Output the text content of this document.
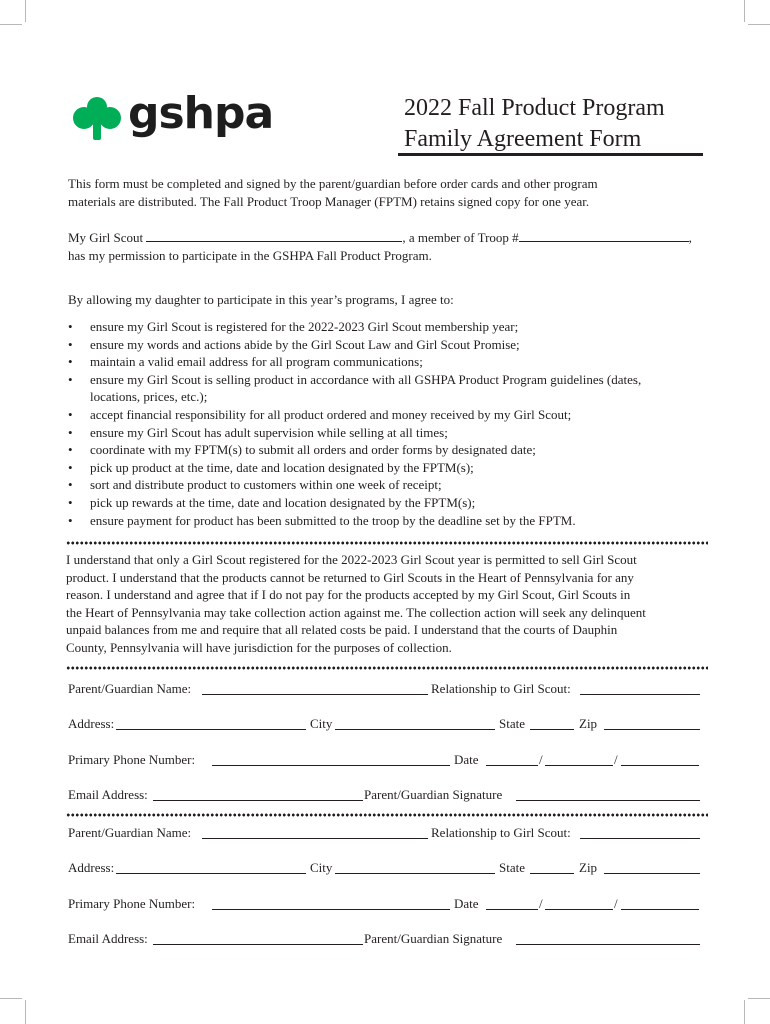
gshpa	2022 Fall Product Program
Family Agreement Form
This form must be completed and signed by the parent/guardian before order cards and other program
materials are distributed. The Fall Product Troop Manager (FPTM) retains signed copy for one year.
My Girl Scout	, a member of Troop #	,
has my permission to participate in the GSHPA Fall Product Program.
By allowing my daughter to participate in this year’s programs, I agree to:
• ensure my Girl Scout is registered for the 2022-2023 Girl Scout membership year;
• ensure my words and actions abide by the Girl Scout Law and Girl Scout Promise;
• maintain a valid email address for all program communications;
• ensure my Girl Scout is selling product in accordance with all GSHPA Product Program guidelines (dates,
locations, prices, etc.);
• accept financial responsibility for all product ordered and money received by my Girl Scout;
• ensure my Girl Scout has adult supervision while selling at all times;
• coordinate with my FPTM(s) to submit all orders and order forms by designated date;
• pick up product at the time, date and location designated by the FPTM(s);
• sort and distribute product to customers within one week of receipt;
• pick up rewards at the time, date and location designated by the FPTM(s);
• ensure payment for product has been submitted to the troop by the deadline set by the FPTM.
I understand that only a Girl Scout registered for the 2022-2023 Girl Scout year is permitted to sell Girl Scout
product. I understand that the products cannot be returned to Girl Scouts in the Heart of Pennsylvania for any
reason. I understand and agree that if I do not pay for the products accepted by my Girl Scout, Girl Scouts in
the Heart of Pennsylvania may take collection action against me. The collection action will seek any delinquent
unpaid balances from me and require that all related costs be paid. I understand that the courts of Dauphin
County, Pennsylvania will have jurisdiction for the purposes of collection.
Parent/Guardian Name:	Relationship to Girl Scout:
Address:	City	State	Zip
Primary Phone Number:	Date	/	/
Email Address:	Parent/Guardian Signature
Parent/Guardian Name:	Relationship to Girl Scout:
Address:	City	State	Zip
Primary Phone Number:	Date	/	/
Email Address:	Parent/Guardian Signature
